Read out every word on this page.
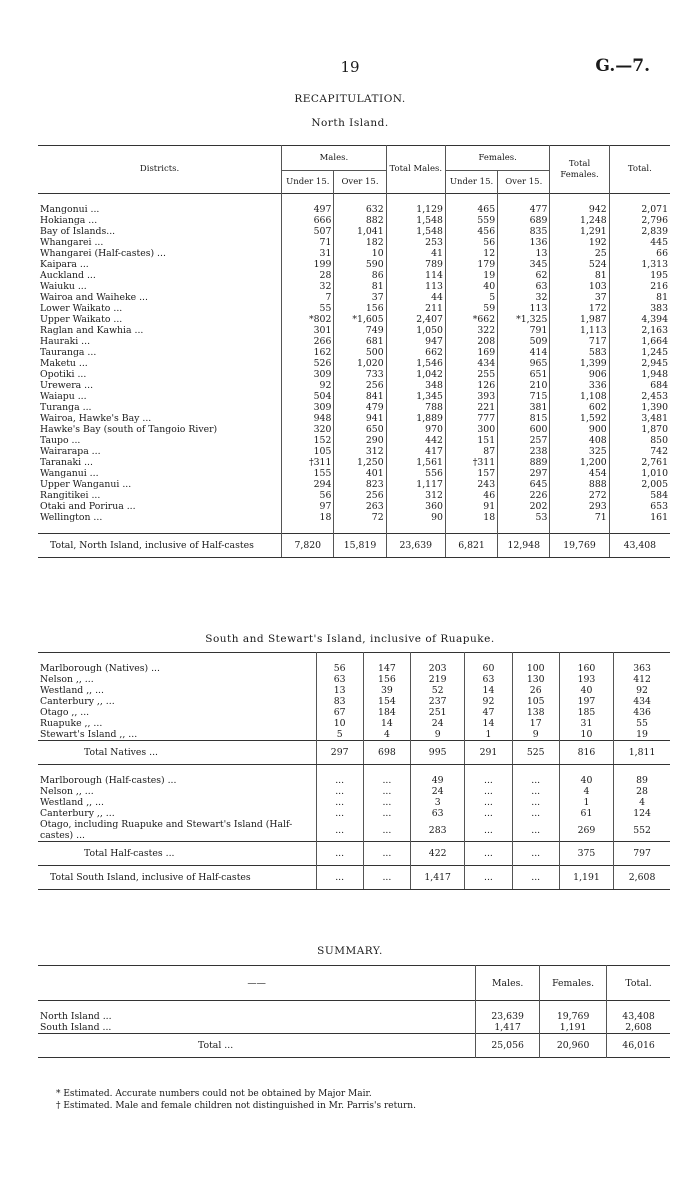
19	G.—7.
RECAPITULATION.
North Island.
Districts.	Males.		Total Males.	Females.		Total Females.	Total.
	Under 15.	Over 15.		Under 15.	Over 15.		

Mangonui ...	497	632	1,129	465	477	942	2,071
Hokianga ...	666	882	1,548	559	689	1,248	2,796
Bay of Islands...	507	1,041	1,548	456	835	1,291	2,839
Whangarei ...	71	182	253	56	136	192	445
Whangarei (Half-castes) ...	31	10	41	12	13	25	66
Kaipara ...	199	590	789	179	345	524	1,313
Auckland ...	28	86	114	19	62	81	195
Waiuku ...	32	81	113	40	63	103	216
Wairoa and Waiheke ...	7	37	44	5	32	37	81
Lower Waikato ...	55	156	211	59	113	172	383
Upper Waikato ...	*802	*1,605	2,407	*662	*1,325	1,987	4,394
Raglan and Kawhia ...	301	749	1,050	322	791	1,113	2,163
Hauraki ...	266	681	947	208	509	717	1,664
Tauranga ...	162	500	662	169	414	583	1,245
Maketu ...	526	1,020	1,546	434	965	1,399	2,945
Opotiki ...	309	733	1,042	255	651	906	1,948
Urewera ...	92	256	348	126	210	336	684
Waiapu ...	504	841	1,345	393	715	1,108	2,453
Turanga ...	309	479	788	221	381	602	1,390
Wairoa, Hawke's Bay ...	948	941	1,889	777	815	1,592	3,481
Hawke's Bay (south of Tangoio River)	320	650	970	300	600	900	1,870
Taupo ...	152	290	442	151	257	408	850
Wairarapa ...	105	312	417	87	238	325	742
Taranaki ...	†311	1,250	1,561	†311	889	1,200	2,761
Wanganui ...	155	401	556	157	297	454	1,010
Upper Wanganui ...	294	823	1,117	243	645	888	2,005
Rangitikei ...	56	256	312	46	226	272	584
Otaki and Porirua ...	97	263	360	91	202	293	653
Wellington ...	18	72	90	18	53	71	161

Total, North Island, inclusive of Half-castes	7,820	15,819	23,639	6,821	12,948	19,769	43,408
South and Stewart's Island, inclusive of Ruapuke.

Marlborough (Natives) ...	56	147	203	60	100	160	363
Nelson ,, ...	63	156	219	63	130	193	412
Westland ,, ...	13	39	52	14	26	40	92
Canterbury ,, ...	83	154	237	92	105	197	434
Otago ,, ...	67	184	251	47	138	185	436
Ruapuke ,, ...	10	14	24	14	17	31	55
Stewart's Island ,, ...	5	4	9	1	9	10	19
Total Natives ...	297	698	995	291	525	816	1,811

Marlborough (Half-castes) ...	...	...	49	...	...	40	89
Nelson ,, ...	...	...	24	...	...	4	28
Westland ,, ...	...	...	3	...	...	1	4
Canterbury ,, ...	...	...	63	...	...	61	124
Otago, including Ruapuke and Stewart's Island (Half-castes) ...	...	...	283	...	...	269	552
Total Half-castes ...	...	...	422	...	...	375	797
Total South Island, inclusive of Half-castes	...	...	1,417	...	...	1,191	2,608
SUMMARY.
——	Males.	Females.	Total.

North Island ...	23,639	19,769	43,408
South Island ...	1,417	1,191	2,608
Total ...	25,056	20,960	46,016
* Estimated. Accurate numbers could not be obtained by Major Mair.
† Estimated. Male and female children not distinguished in Mr. Parris's return.
